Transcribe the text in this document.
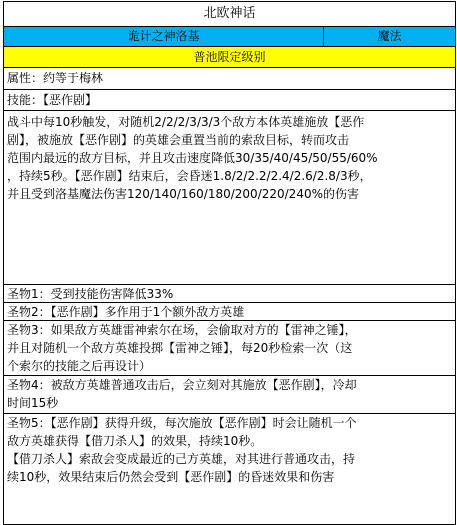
北欧神话
诡计之神洛基	魔法
普池限定级别
属性：约等于梅林
技能：【恶作剧】
战斗中每10秒触发，对随机2/2/2/3/3/3个敌方本体英雄施放【恶作
剧】，被施放【恶作剧】的英雄会重置当前的索敌目标，转而攻击
范围内最远的敌方目标，并且攻击速度降低30/35/40/45/50/55/60%
，持续5秒。【恶作剧】结束后，会昏迷1.8/2/2.2/2.4/2.6/2.8/3秒，
并且受到洛基魔法伤害120/140/160/180/200/220/240%的伤害
圣物1：受到技能伤害降低33%
圣物2：【恶作剧】多作用于1个额外敌方英雄
圣物3：如果敌方英雄雷神索尔在场，会偷取对方的【雷神之锤】，
并且对随机一个敌方英雄投掷【雷神之锤】，每20秒检索一次（这
个索尔的技能之后再设计）
圣物4：被敌方英雄普通攻击后，会立刻对其施放【恶作剧】，冷却
时间15秒
圣物5：【恶作剧】获得升级，每次施放【恶作剧】时会让随机一个
敌方英雄获得【借刀杀人】的效果，持续10秒。
【借刀杀人】索敌会变成最近的己方英雄，对其进行普通攻击，持
续10秒，效果结束后仍然会受到【恶作剧】的昏迷效果和伤害
